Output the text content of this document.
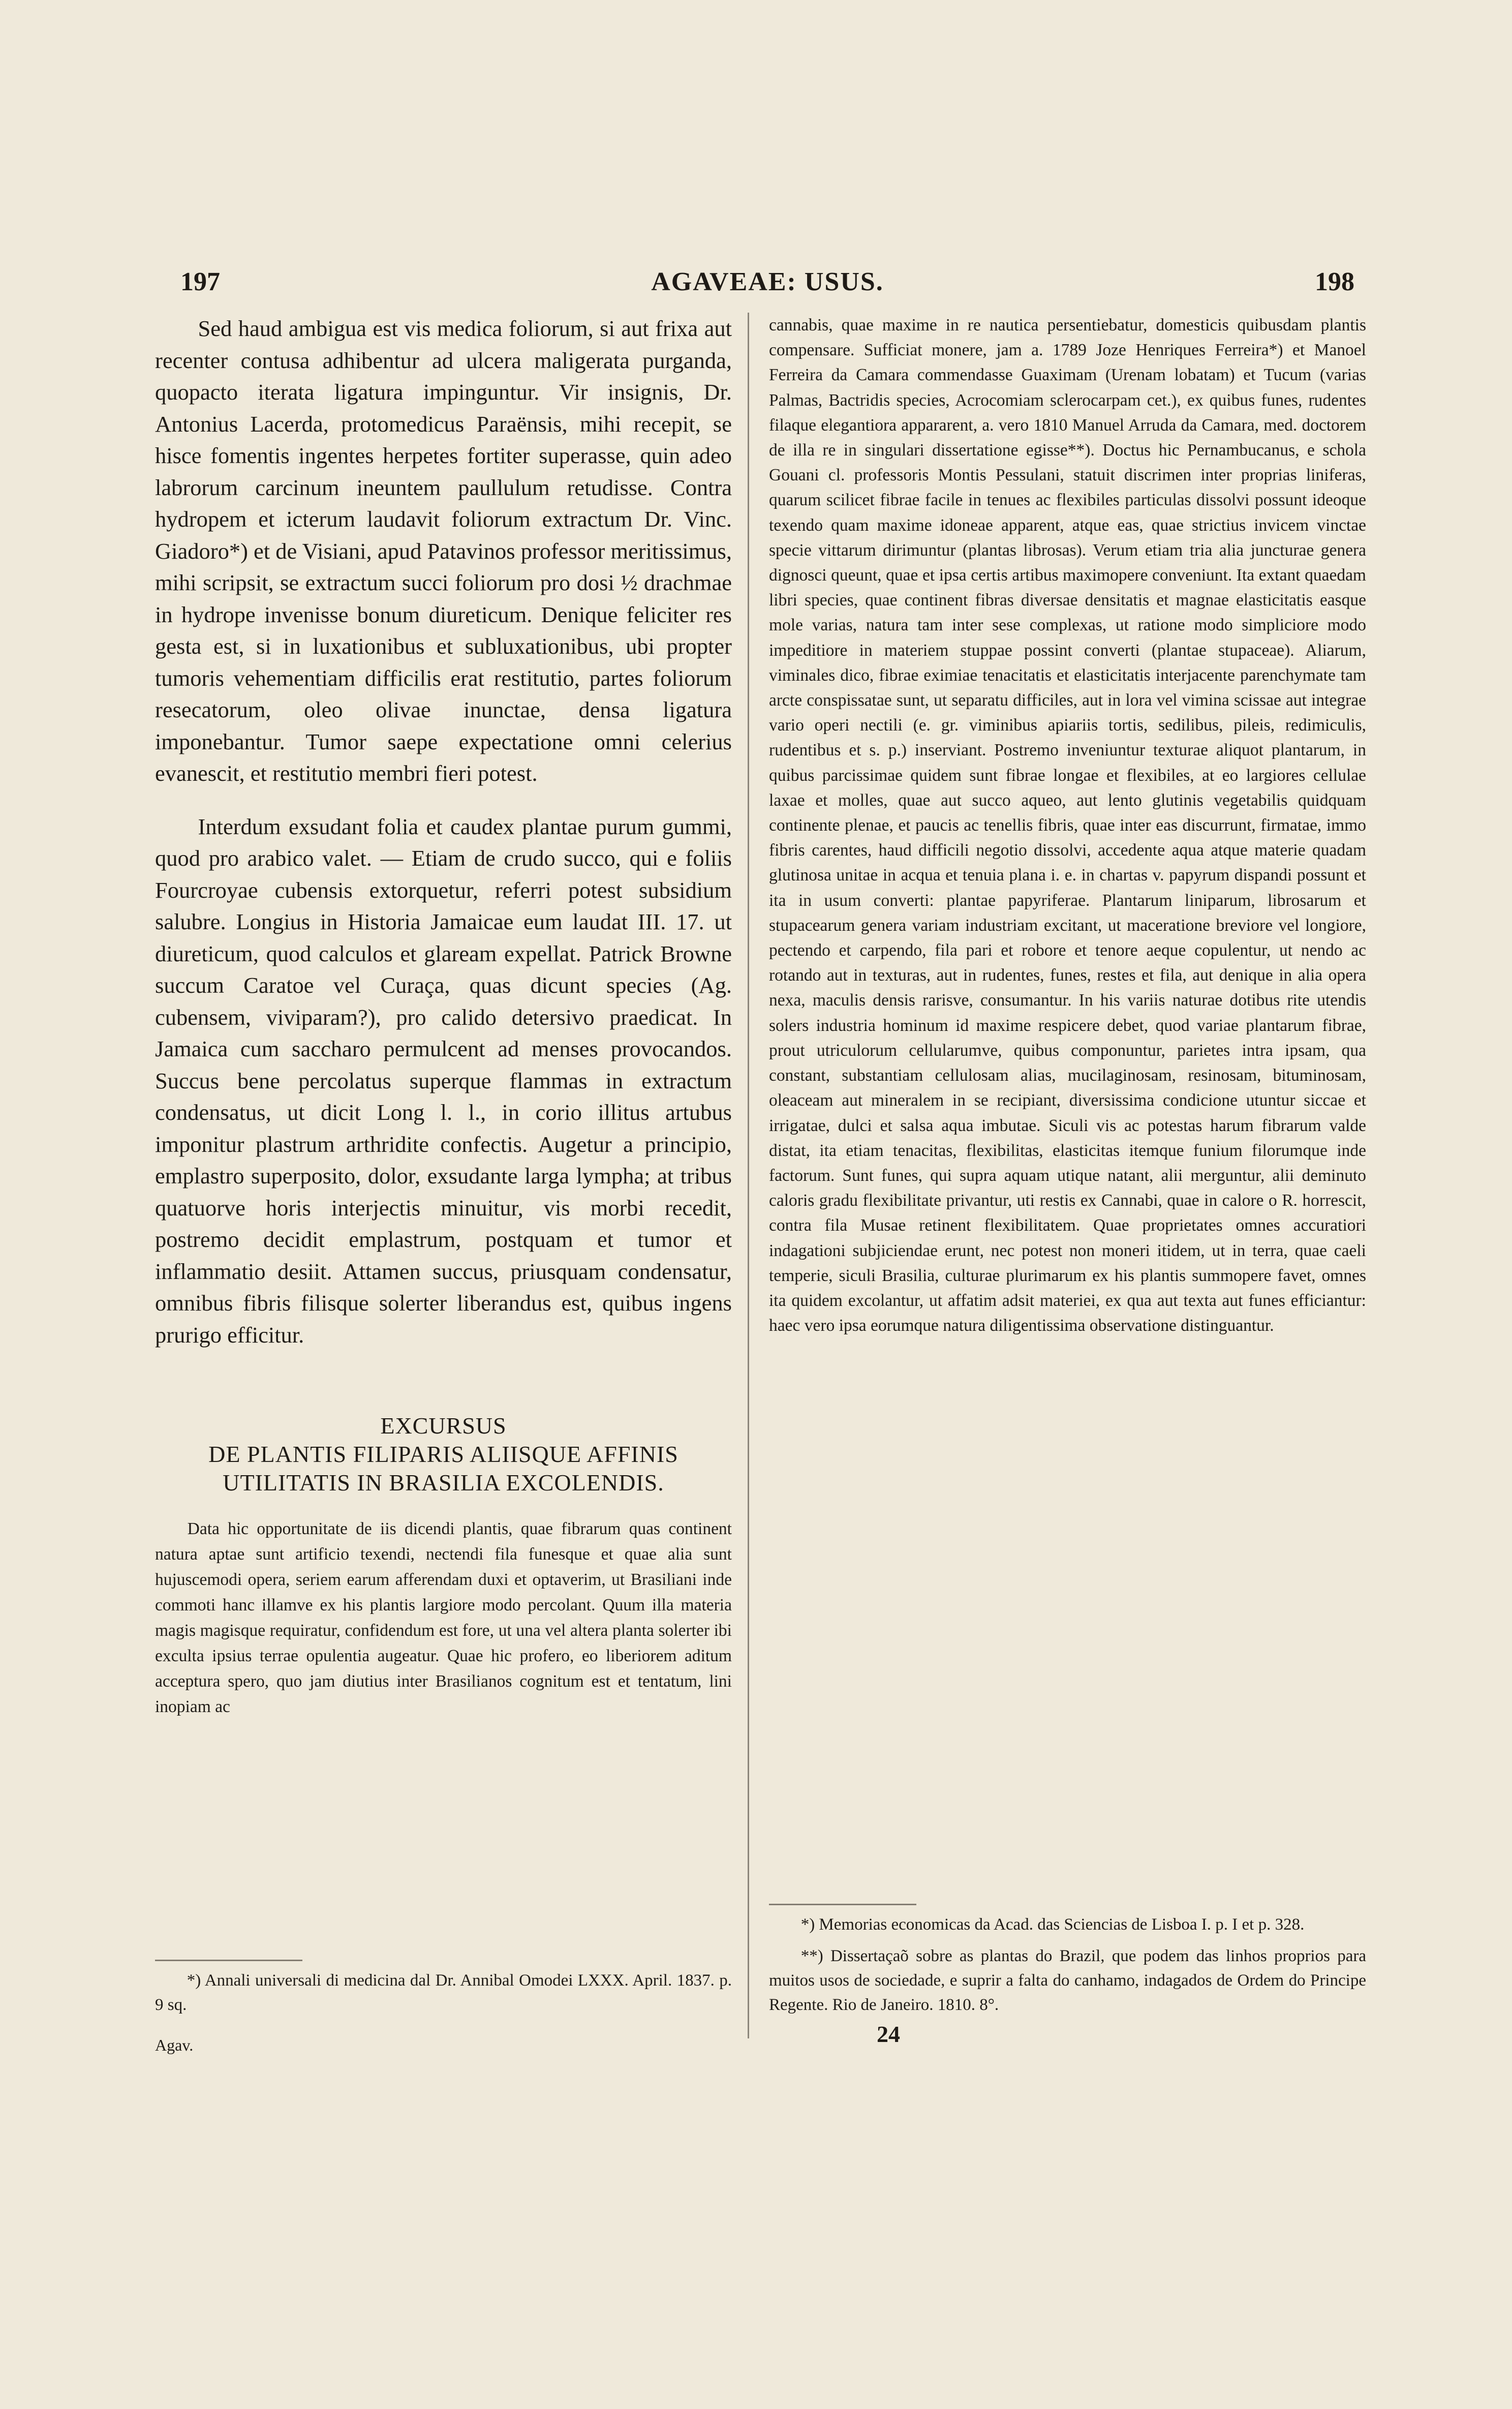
197	AGAVEAE: USUS.	198

Sed haud ambigua est vis medica foliorum, si aut frixa aut recenter contusa adhibentur ad ulcera maligerata purganda, quopacto iterata ligatura impinguntur. Vir insignis, Dr. Antonius Lacerda, protomedicus Paraënsis, mihi recepit, se hisce fomentis ingentes herpetes fortiter superasse, quin adeo labrorum carcinum ineuntem paullulum retudisse. Contra hydropem et icterum laudavit foliorum extractum Dr. Vinc. Giadoro*) et de Visiani, apud Patavinos professor meritissimus, mihi scripsit, se extractum succi foliorum pro dosi ½ drachmae in hydrope invenisse bonum diureticum. Denique feliciter res gesta est, si in luxationibus et subluxationibus, ubi propter tumoris vehementiam difficilis erat restitutio, partes foliorum resecatorum, oleo olivae inunctae, densa ligatura imponebantur. Tumor saepe expectatione omni celerius evanescit, et restitutio membri fieri potest.

Interdum exsudant folia et caudex plantae purum gummi, quod pro arabico valet. — Etiam de crudo succo, qui e foliis Fourcroyae cubensis extorquetur, referri potest subsidium salubre. Longius in Historia Jamaicae eum laudat III. 17. ut diureticum, quod calculos et glaream expellat. Patrick Browne succum Caratoe vel Curaça, quas dicunt species (Ag. cubensem, viviparam?), pro calido detersivo praedicat. In Jamaica cum saccharo permulcent ad menses provocandos. Succus bene percolatus superque flammas in extractum condensatus, ut dicit Long l. l., in corio illitus artubus imponitur plastrum arthridite confectis. Augetur a principio, emplastro superposito, dolor, exsudante larga lympha; at tribus quatuorve horis interjectis minuitur, vis morbi recedit, postremo decidit emplastrum, postquam et tumor et inflammatio desiit. Attamen succus, priusquam condensatur, omnibus fibris filisque solerter liberandus est, quibus ingens prurigo efficitur.

EXCURSUS
DE PLANTIS FILIPARIS ALIISQUE AFFINIS
UTILITATIS IN BRASILIA EXCOLENDIS.

Data hic opportunitate de iis dicendi plantis, quae fibrarum quas continent natura aptae sunt artificio texendi, nectendi fila funesque et quae alia sunt hujuscemodi opera, seriem earum afferendam duxi et optaverim, ut Brasiliani inde commoti hanc illamve ex his plantis largiore modo percolant. Quum illa materia magis magisque requiratur, confidendum est fore, ut una vel altera planta solerter ibi exculta ipsius terrae opulentia augeatur. Quae hic profero, eo liberiorem aditum acceptura spero, quo jam diutius inter Brasilianos cognitum est et tentatum, lini inopiam ac

cannabis, quae maxime in re nautica persentiebatur, domesticis quibusdam plantis compensare. Sufficiat monere, jam a. 1789 Joze Henriques Ferreira*) et Manoel Ferreira da Camara commendasse Guaximam (Urenam lobatam) et Tucum (varias Palmas, Bactridis species, Acrocomiam sclerocarpam cet.), ex quibus funes, rudentes filaque elegantiora appararent, a. vero 1810 Manuel Arruda da Camara, med. doctorem de illa re in singulari dissertatione egisse**). Doctus hic Pernambucanus, e schola Gouani cl. professoris Montis Pessulani, statuit discrimen inter proprias liniferas, quarum scilicet fibrae facile in tenues ac flexibiles particulas dissolvi possunt ideoque texendo quam maxime idoneae apparent, atque eas, quae strictius invicem vinctae specie vittarum dirimuntur (plantas librosas). Verum etiam tria alia juncturae genera dignosci queunt, quae et ipsa certis artibus maximopere conveniunt. Ita extant quaedam libri species, quae continent fibras diversae densitatis et magnae elasticitatis easque mole varias, natura tam inter sese complexas, ut ratione modo simpliciore modo impeditiore in materiem stuppae possint converti (plantae stupaceae). Aliarum, viminales dico, fibrae eximiae tenacitatis et elasticitatis interjacente parenchymate tam arcte conspissatae sunt, ut separatu difficiles, aut in lora vel vimina scissae aut integrae vario operi nectili (e. gr. viminibus apiariis tortis, sedilibus, pileis, redimiculis, rudentibus et s. p.) inserviant. Postremo inveniuntur texturae aliquot plantarum, in quibus parcissimae quidem sunt fibrae longae et flexibiles, at eo largiores cellulae laxae et molles, quae aut succo aqueo, aut lento glutinis vegetabilis quidquam continente plenae, et paucis ac tenellis fibris, quae inter eas discurrunt, firmatae, immo fibris carentes, haud difficili negotio dissolvi, accedente aqua atque materie quadam glutinosa unitae in acqua et tenuia plana i. e. in chartas v. papyrum dispandi possunt et ita in usum converti: plantae papyriferae. Plantarum liniparum, librosarum et stupacearum genera variam industriam excitant, ut maceratione breviore vel longiore, pectendo et carpendo, fila pari et robore et tenore aeque copulentur, ut nendo ac rotando aut in texturas, aut in rudentes, funes, restes et fila, aut denique in alia opera nexa, maculis densis rarisve, consumantur. In his variis naturae dotibus rite utendis solers industria hominum id maxime respicere debet, quod variae plantarum fibrae, prout utriculorum cellularumve, quibus componuntur, parietes intra ipsam, qua constant, substantiam cellulosam alias, mucilaginosam, resinosam, bituminosam, oleaceam aut mineralem in se recipiant, diversissima condicione utuntur siccae et irrigatae, dulci et salsa aqua imbutae. Siculi vis ac potestas harum fibrarum valde distat, ita etiam tenacitas, flexibilitas, elasticitas itemque funium filorumque inde factorum. Sunt funes, qui supra aquam utique natant, alii merguntur, alii deminuto caloris gradu flexibilitate privantur, uti restis ex Cannabi, quae in calore o R. horrescit, contra fila Musae retinent flexibilitatem. Quae proprietates omnes accuratiori indagationi subjiciendae erunt, nec potest non moneri itidem, ut in terra, quae caeli temperie, siculi Brasilia, culturae plurimarum ex his plantis summopere favet, omnes ita quidem excolantur, ut affatim adsit materiei, ex qua aut texta aut funes efficiantur: haec vero ipsa eorumque natura diligentissima observatione distinguantur.

*) Annali universali di medicina dal Dr. Annibal Omodei LXXX. April. 1837. p. 9 sq.

Agav.

*) Memorias economicas da Acad. das Sciencias de Lisboa I. p. I et p. 328.

**) Dissertaçaõ sobre as plantas do Brazil, que podem das linhos proprios para muitos usos de sociedade, e suprir a falta do canhamo, indagados de Ordem do Principe Regente. Rio de Janeiro. 1810. 8°.

24
